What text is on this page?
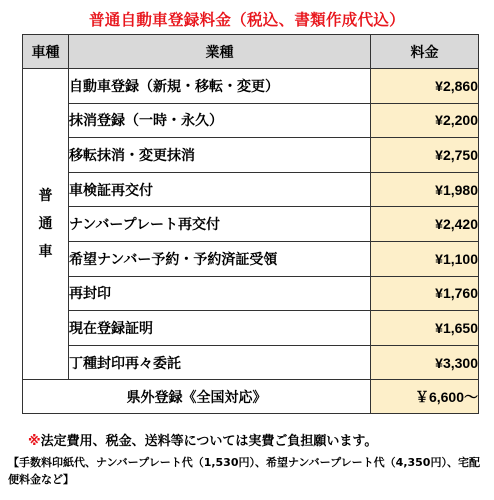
普通自動車登録料金（税込、書類作成代込）
車種	業種	料金

普
通
車	自動車登録（新規・移転・変更）	¥2,860
	抹消登録（一時・永久）	¥2,200
	移転抹消・変更抹消	¥2,750
	車検証再交付	¥1,980
	ナンバープレート再交付	¥2,420
	希望ナンバー予約・予約済証受領	¥1,100
	再封印	¥1,760
	現在登録証明	¥1,650
	丁種封印再々委託	¥3,300
県外登録《全国対応》		￥6,600～
※法定費用、税金、送料等については実費ご負担願います。
【手数料印紙代、ナンバープレート代（1,530円）、希望ナンバープレート代（4,350円）、宅配便料金など】
